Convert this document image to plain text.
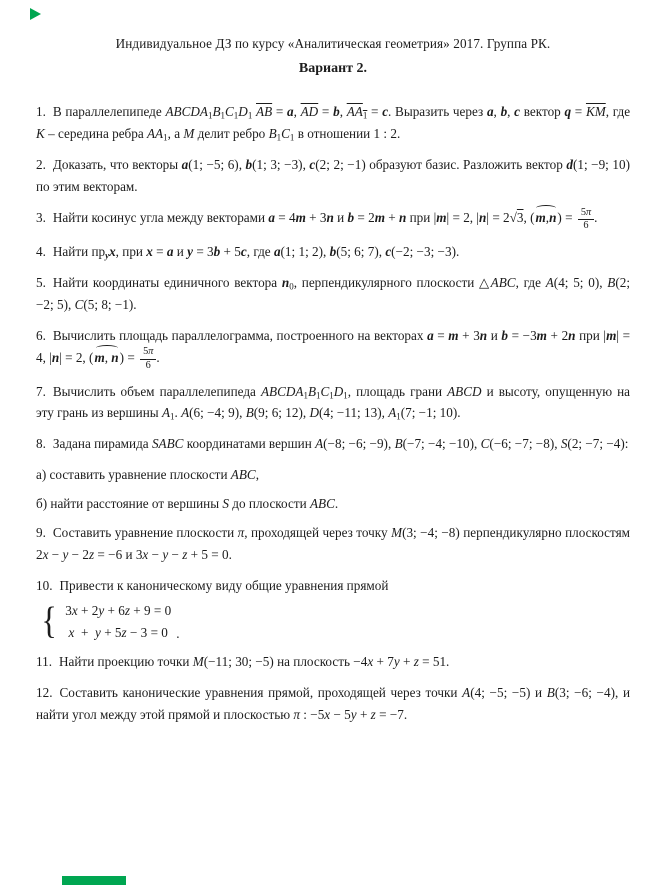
Индивидуальное ДЗ по курсу «Аналитическая геометрия» 2017. Группа РК.
Вариант 2.

1. В параллелепипеде $ABCDA_1B_1C_1D_1$ $\overline{AB} = a$, $\overline{AD} = b$, $AA_1 = c$. Выразить через a, b, c вектор $q = \overline{KM}$, где K – середина ребра $AA_1$, а M делит ребро $B_1C_1$ в отношении 1 : 2.

2. Доказать, что векторы a(1; −5; 6), b(1; 3; −3), c(2; 2; −1) образуют базис. Разложить вектор d(1; −9; 10) по этим векторам.

3. Найти косинус угла между векторами a = 4m + 3n и b = 2m + n при |m| = 2, |n| = 2√3, $(m,n) = \frac{5\pi}{6}$ .

4. Найти $пр_yx$, при x = a и y = 3b + 5c, где a(1; 1; 2), b(5; 6; 7), c(−2; −3; −3).

5. Найти координаты единичного вектора $n_0$, перпендикулярного плоскости △ABC, где A(4; 5; 0), B(2; −2; 5), C(5; 8; −1).

6. Вычислить площадь параллелограмма, построенного на векторах a = m + 3n и b = −3m + 2n при |m| = 4, |n| = 2, (m, $n) = \frac{5\pi}{6}$ .

7. Вычислить объем параллелепипеда $ABCDA_1B_1C_1D_1$, площадь грани ABCD и высоту, опущенную на эту грань из вершины $A_1$. A(6; −4; 9), B(9; 6; 12), D(4; −11; 13), $A_1(7$; −1; 10).

8. Задана пирамида SABC координатами вершин A(−8; −6; −9), B(−7; −4; −10), C(−6; −7; −8), S(2; −7; −4):

а) составить уравнение плоскости ABC,

б) найти расстояние от вершины S до плоскости ABC.

9. Составить уравнение плоскости π, проходящей через точку M(3; −4; −8) перпендикулярно плоскостям 2x − y − 2z = −6 и 3x − y − z + 5 = 0.

10. Привести к каноническому виду общие уравнения прямой

{ 3x + 2y + 6z + 9 = 0
x  +  y + 5z − 3 = 0 .

11. Найти проекцию точки M(−11; 30; −5) на плоскость −4x + 7y + z = 51.

12. Составить канонические уравнения прямой, проходящей через точки A(4; −5; −5) и B(3; −6; −4), и найти угол между этой прямой и плоскостью π : −5x − 5y + z = −7.
